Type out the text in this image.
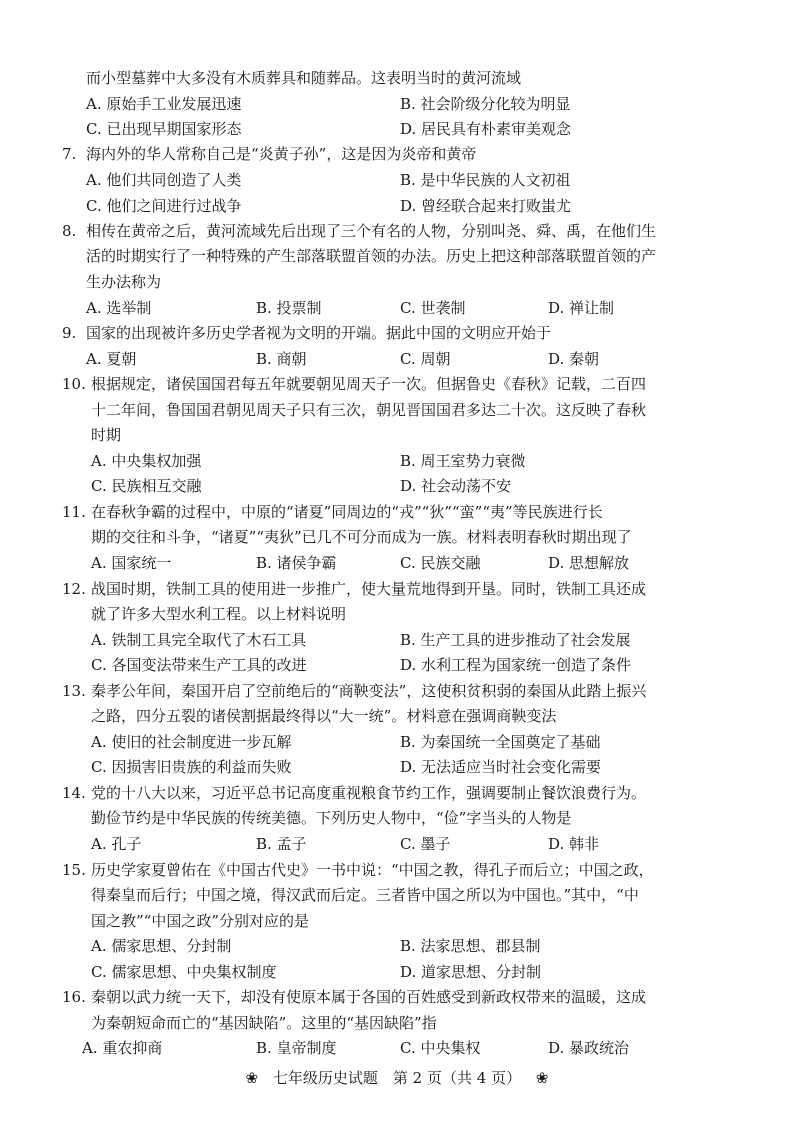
而小型墓葬中大多没有木质葬具和随葬品。这表明当时的黄河流域
A. 原始手工业发展迅速	B. 社会阶级分化较为明显
C. 已出现早期国家形态	D. 居民具有朴素审美观念
7. 海内外的华人常称自己是“炎黄子孙”，这是因为炎帝和黄帝
A. 他们共同创造了人类	B. 是中华民族的人文初祖
C. 他们之间进行过战争	D. 曾经联合起来打败蚩尤
8. 相传在黄帝之后，黄河流域先后出现了三个有名的人物，分别叫尧、舜、禹，在他们生
活的时期实行了一种特殊的产生部落联盟首领的办法。历史上把这种部落联盟首领的产
生办法称为
A. 选举制	B. 投票制	C. 世袭制	D. 禅让制
9. 国家的出现被许多历史学者视为文明的开端。据此中国的文明应开始于
A. 夏朝	B. 商朝	C. 周朝	D. 秦朝
10. 根据规定，诸侯国国君每五年就要朝见周天子一次。但据鲁史《春秋》记载，二百四
十二年间，鲁国国君朝见周天子只有三次，朝见晋国国君多达二十次。这反映了春秋
时期
A. 中央集权加强	B. 周王室势力衰微
C. 民族相互交融	D. 社会动荡不安
11. 在春秋争霸的过程中，中原的“诸夏”同周边的“戎”“狄”“蛮”“夷”等民族进行长
期的交往和斗争，“诸夏”“夷狄”已几不可分而成为一族。材料表明春秋时期出现了
A. 国家统一	B. 诸侯争霸	C. 民族交融	D. 思想解放
12. 战国时期，铁制工具的使用进一步推广，使大量荒地得到开垦。同时，铁制工具还成
就了许多大型水利工程。以上材料说明
A. 铁制工具完全取代了木石工具	B. 生产工具的进步推动了社会发展
C. 各国变法带来生产工具的改进	D. 水利工程为国家统一创造了条件
13. 秦孝公年间，秦国开启了空前绝后的“商鞅变法”，这使积贫积弱的秦国从此踏上振兴
之路，四分五裂的诸侯割据最终得以“大一统”。材料意在强调商鞅变法
A. 使旧的社会制度进一步瓦解	B. 为秦国统一全国奠定了基础
C. 因损害旧贵族的利益而失败	D. 无法适应当时社会变化需要
14. 党的十八大以来，习近平总书记高度重视粮食节约工作，强调要制止餐饮浪费行为。
勤俭节约是中华民族的传统美德。下列历史人物中，“俭”字当头的人物是
A. 孔子	B. 孟子	C. 墨子	D. 韩非
15. 历史学家夏曾佑在《中国古代史》一书中说：“中国之教，得孔子而后立；中国之政，
得秦皇而后行；中国之境，得汉武而后定。三者皆中国之所以为中国也。”其中，“中
国之教”“中国之政”分别对应的是
A. 儒家思想、分封制	B. 法家思想、郡县制
C. 儒家思想、中央集权制度	D. 道家思想、分封制
16. 秦朝以武力统一天下，却没有使原本属于各国的百姓感受到新政权带来的温暖，这成
为秦朝短命而亡的“基因缺陷”。这里的“基因缺陷”指
A. 重农抑商	B. 皇帝制度	C. 中央集权	D. 暴政统治
❀ 七年级历史试题　第 2 页（共 4 页） ❀
